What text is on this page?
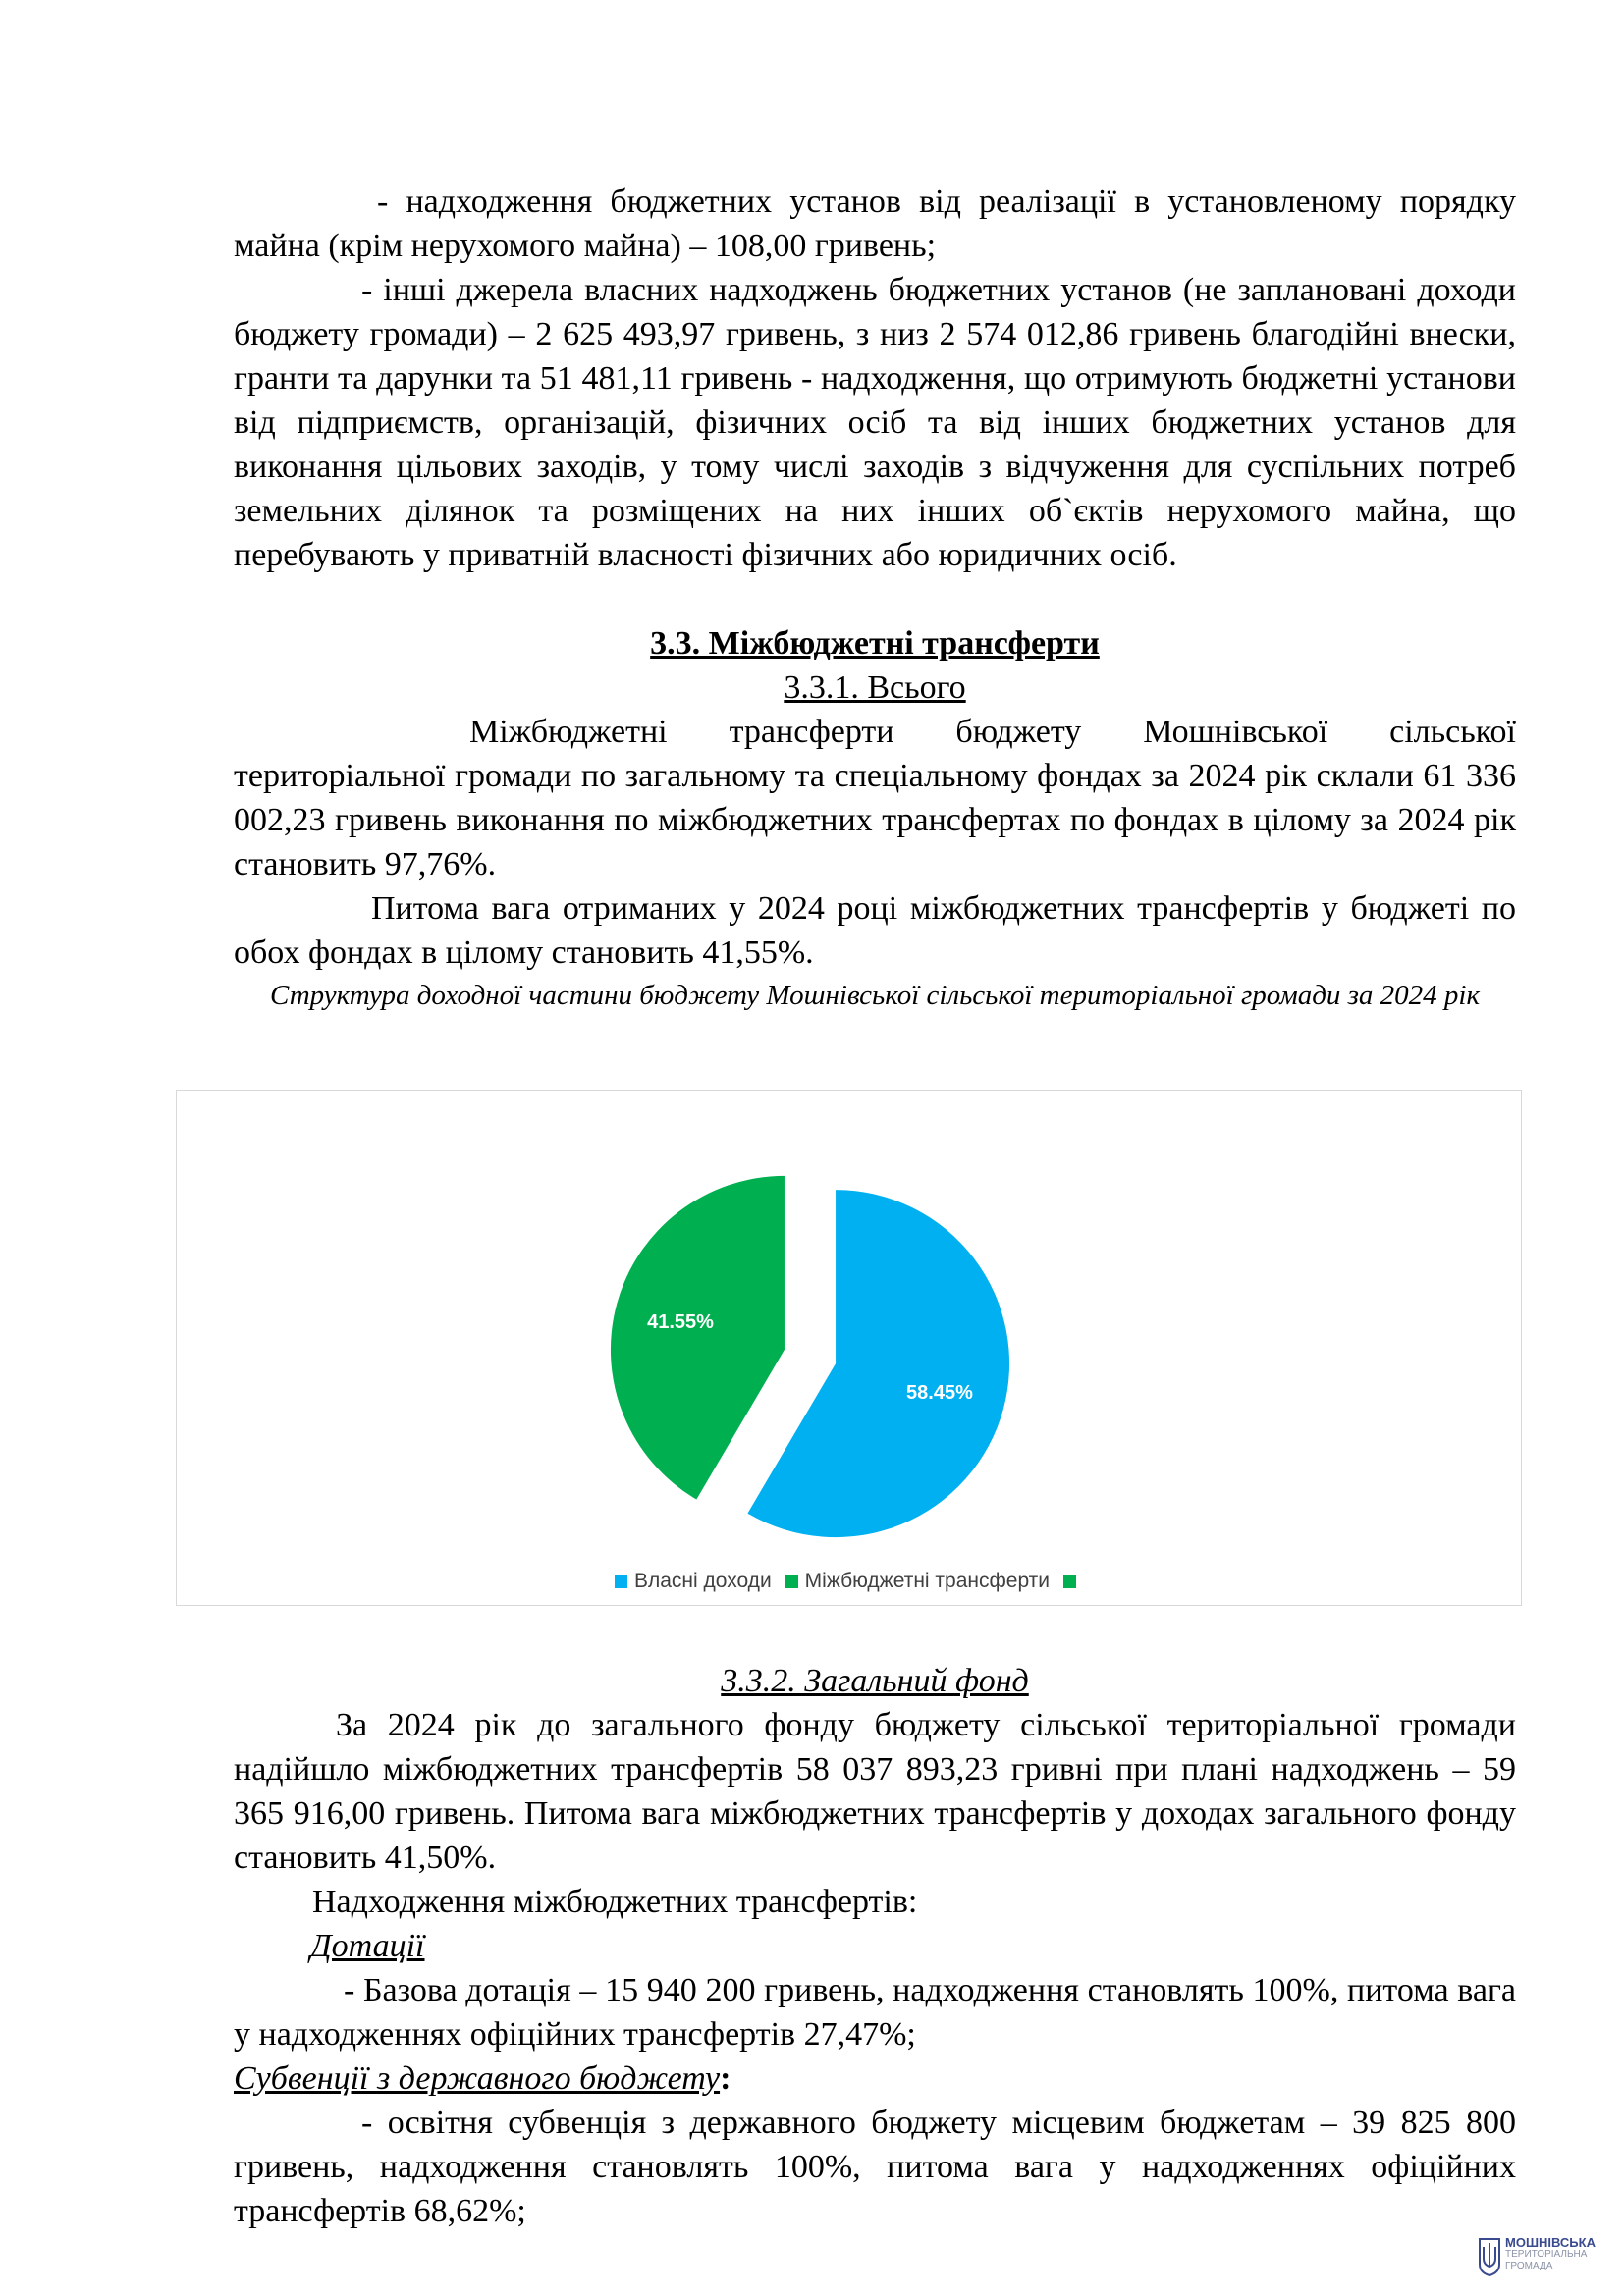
- надходження бюджетних установ від реалізації в установленому порядку майна (крім нерухомого майна) – 108,00 гривень;
- інші джерела власних надходжень бюджетних установ (не заплановані доходи бюджету громади) – 2 625 493,97 гривень, з низ 2 574 012,86 гривень благодійні внески, гранти та дарунки та 51 481,11 гривень - надходження, що отримують бюджетні установи від підприємств, організацій, фізичних осіб та від інших бюджетних установ для виконання цільових заходів, у тому числі заходів з відчуження для суспільних потреб земельних ділянок та розміщених на них інших об`єктів нерухомого майна, що перебувають у приватній власності фізичних або юридичних осіб.
3.3. Міжбюджетні трансферти
3.3.1. Всього
Міжбюджетні трансферти бюджету Мошнівської сільської територіальної громади по загальному та спеціальному фондах за 2024 рік склали 61 336 002,23 гривень виконання по міжбюджетних трансфертах по фондах в цілому за 2024 рік становить 97,76%.
Питома вага отриманих у 2024 році міжбюджетних трансфертів у бюджеті по обох фондах в цілому становить 41,55%.
Структура доходної частини бюджету Мошнівської сільської територіальної громади за 2024 рік
58.45%
41.55%
Власні доходи Міжбюджетні трансферти
3.3.2. Загальний фонд
За 2024 рік до загального фонду бюджету сільської територіальної громади надійшло міжбюджетних трансфертів 58 037 893,23 гривні при плані надходжень – 59 365 916,00 гривень. Питома вага міжбюджетних трансфертів у доходах загального фонду становить 41,50%.
Надходження міжбюджетних трансфертів:
Дотації
- Базова дотація – 15 940 200 гривень, надходження становлять 100%, питома вага у надходженнях офіційних трансфертів 27,47%;
Субвенції з державного бюджету:
- освітня субвенція з державного бюджету місцевим бюджетам – 39 825 800 гривень, надходження становлять 100%, питома вага у надходженнях офіційних трансфертів 68,62%;
МОШНІВСЬКА
ТЕРИТОРІАЛЬНА
ГРОМАДА
